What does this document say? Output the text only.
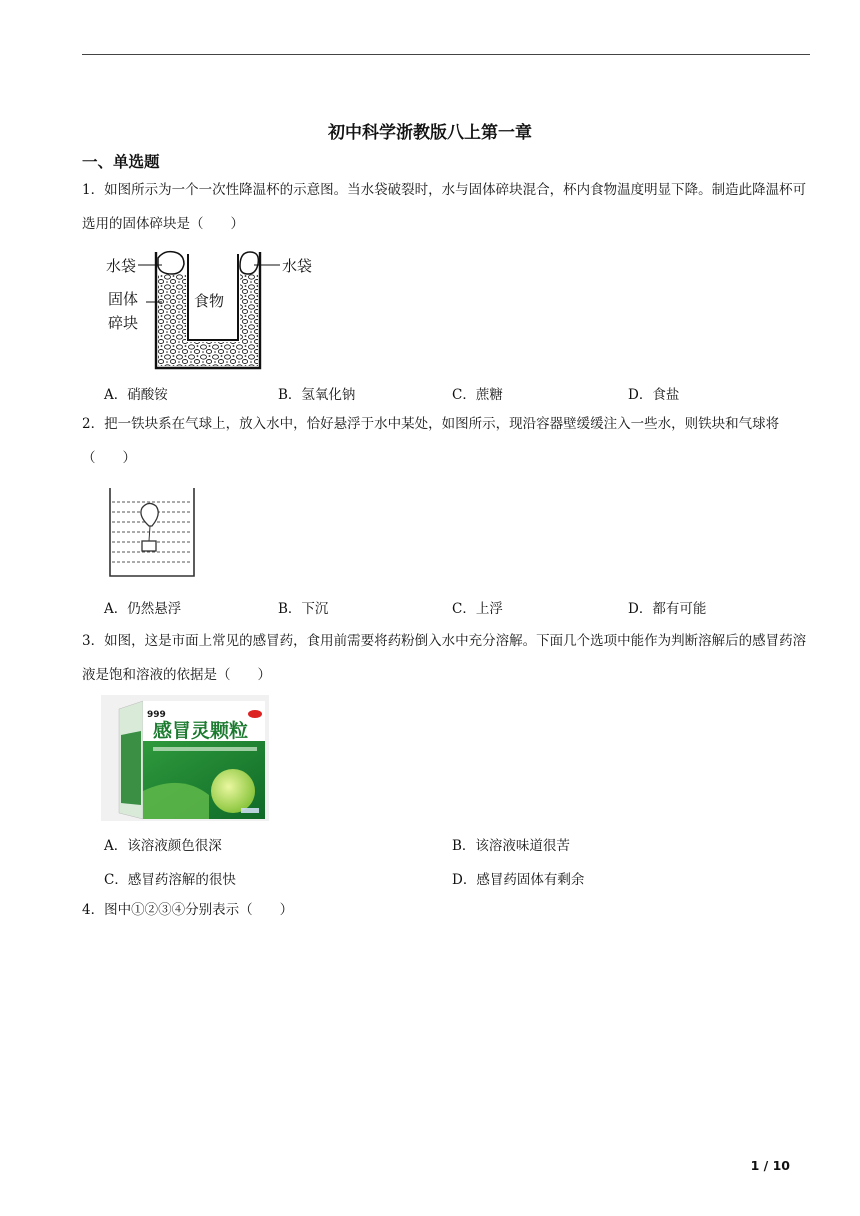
初中科学浙教版八上第一章
一、单选题
1．如图所示为一个一次性降温杯的示意图。当水袋破裂时，水与固体碎块混合，杯内食物温度明显下降。制造此降温杯可选用的固体碎块是（　　）
水袋	水袋
食物
固体
碎块
A．硝酸铵	B．氢氧化钠	C．蔗糖	D．食盐
2．把一铁块系在气球上，放入水中，恰好悬浮于水中某处，如图所示，现沿容器壁缓缓注入一些水，则铁块和气球将 （　　）
A．仍然悬浮	B．下沉	C．上浮	D．都有可能
3．如图，这是市面上常见的感冒药，食用前需要将药粉倒入水中充分溶解。下面几个选项中能作为判断溶解后的感冒药溶液是饱和溶液的依据是（　　）
999
感冒灵颗粒
A．该溶液颜色很深	B．该溶液味道很苦
C．感冒药溶解的很快	D．感冒药固体有剩余
4．图中①②③④分别表示（　　）
1 / 10
